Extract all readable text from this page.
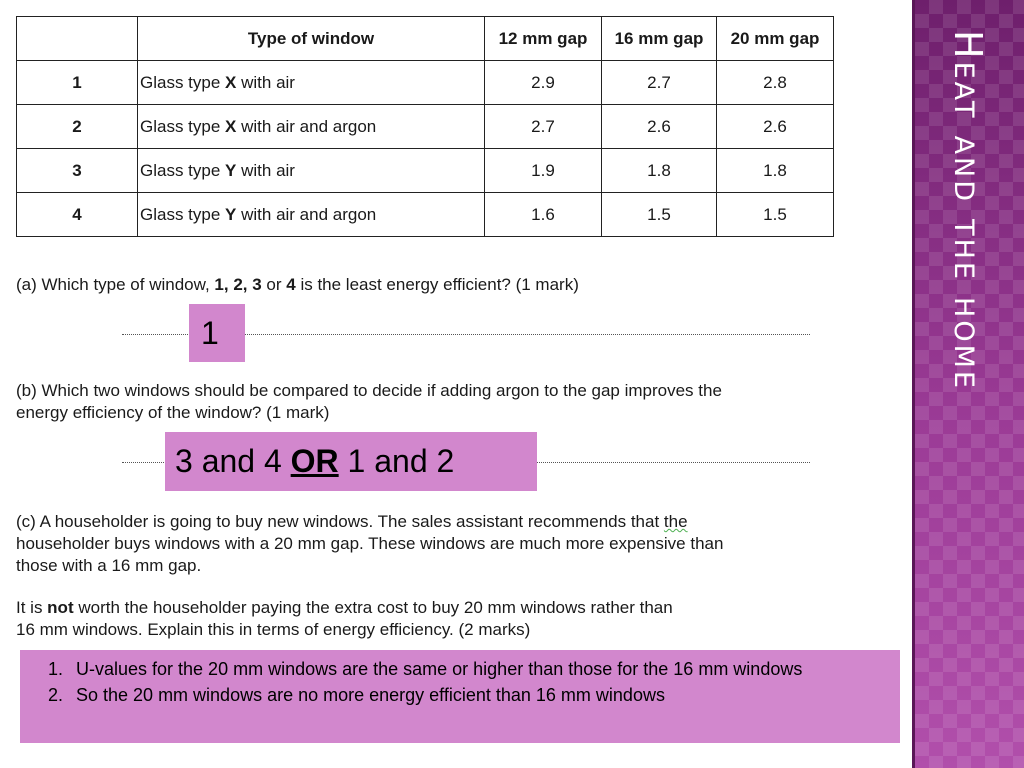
Heat and the home
	Type of window	12 mm gap	16 mm gap	20 mm gap
1	Glass type X with air	2.9	2.7	2.8
2	Glass type X with air and argon	2.7	2.6	2.6
3	Glass type Y with air	1.9	1.8	1.8
4	Glass type Y with air and argon	1.6	1.5	1.5
(a) Which type of window, 1, 2, 3 or 4 is the least energy efficient? (1 mark)
1
(b) Which two windows should be compared to decide if adding argon to the gap improves the
energy efficiency of the window? (1 mark)
3 and 4 OR 1 and 2
(c) A householder is going to buy new windows. The sales assistant recommends that the
householder buys windows with a 20 mm gap. These windows are much more expensive than
those with a 16 mm gap.
It is not worth the householder paying the extra cost to buy 20 mm windows rather than
16 mm windows. Explain this in terms of energy efficiency. (2 marks)
1. U-values for the 20 mm windows are the same or higher than those for the 16 mm windows
2. So the 20 mm windows are no more energy efficient than 16 mm windows
